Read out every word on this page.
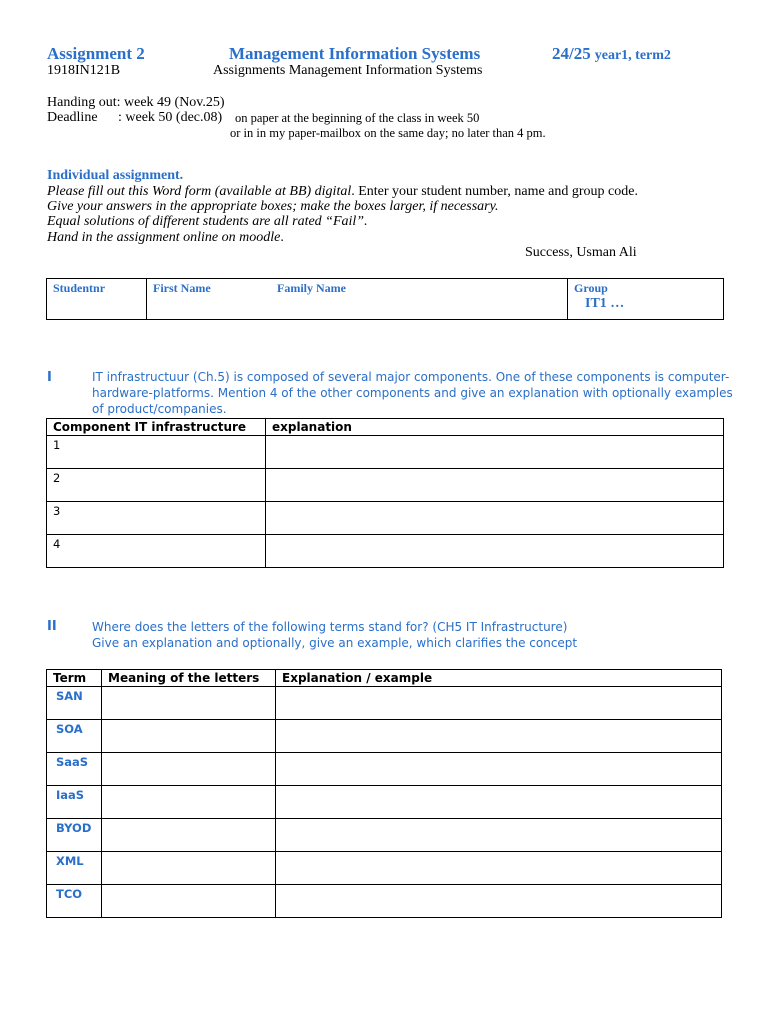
Assignment 2	Management Information Systems	24/25 year1, term2
1918IN121B	Assignments Management Information Systems
Handing out: week 49 (Nov.25)
Deadline : week 50 (dec.08) on paper at the beginning of the class in week 50
or in in my paper-mailbox on the same day; no later than 4 pm.
Individual assignment.
Please fill out this Word form (available at BB) digital. Enter your student number, name and group code.
Give your answers in the appropriate boxes; make the boxes larger, if necessary.
Equal solutions of different students are all rated “Fail”.
Hand in the assignment online on moodle.
Success, Usman Ali
Studentnr	First Name	Family Name	Group
IT1 …
I	IT infrastructuur (Ch.5) is composed of several major components. One of these components is computer-
hardware-platforms. Mention 4 of the other components and give an explanation with optionally examples
of product/companies.
Component IT infrastructure	explanation
1	
2	
3	
4	
II	Where does the letters of the following terms stand for? (CH5 IT Infrastructure)
Give an explanation and optionally, give an example, which clarifies the concept
Term	Meaning of the letters	Explanation / example
SAN		
SOA		
SaaS		
IaaS		
BYOD		
XML		
TCO		
